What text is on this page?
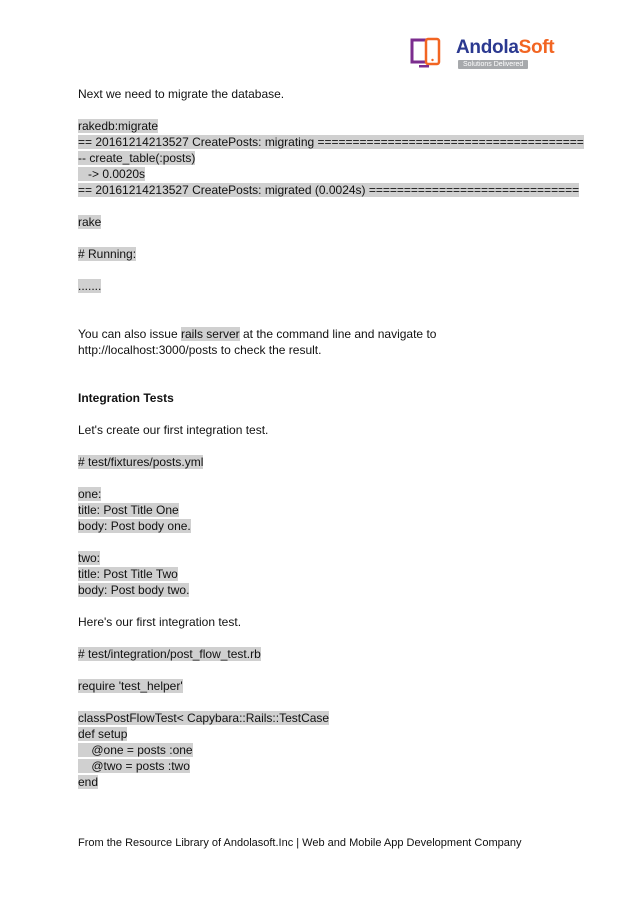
AndolaSoft
Solutions Delivered

Next we need to migrate the database.

rakedb:migrate

== 20161214213527 CreatePosts: migrating ======================================

-- create_table(:posts)

-> 0.0020s

== 20161214213527 CreatePosts: migrated (0.0024s) ==============================

rake

# Running:

.......

You can also issue rails server at the command line and navigate to

http://localhost:3000/posts to check the result.

Integration Tests

Let's create our first integration test.

# test/fixtures/posts.yml

one:

title: Post Title One

body: Post body one.

two:

title: Post Title Two

body: Post body two.

Here's our first integration test.

# test/integration/post_flow_test.rb

require 'test_helper'

classPostFlowTest< Capybara::Rails::TestCase

def setup

@one = posts :one

@two = posts :two

end

From the Resource Library of Andolasoft.Inc | Web and Mobile App Development Company
